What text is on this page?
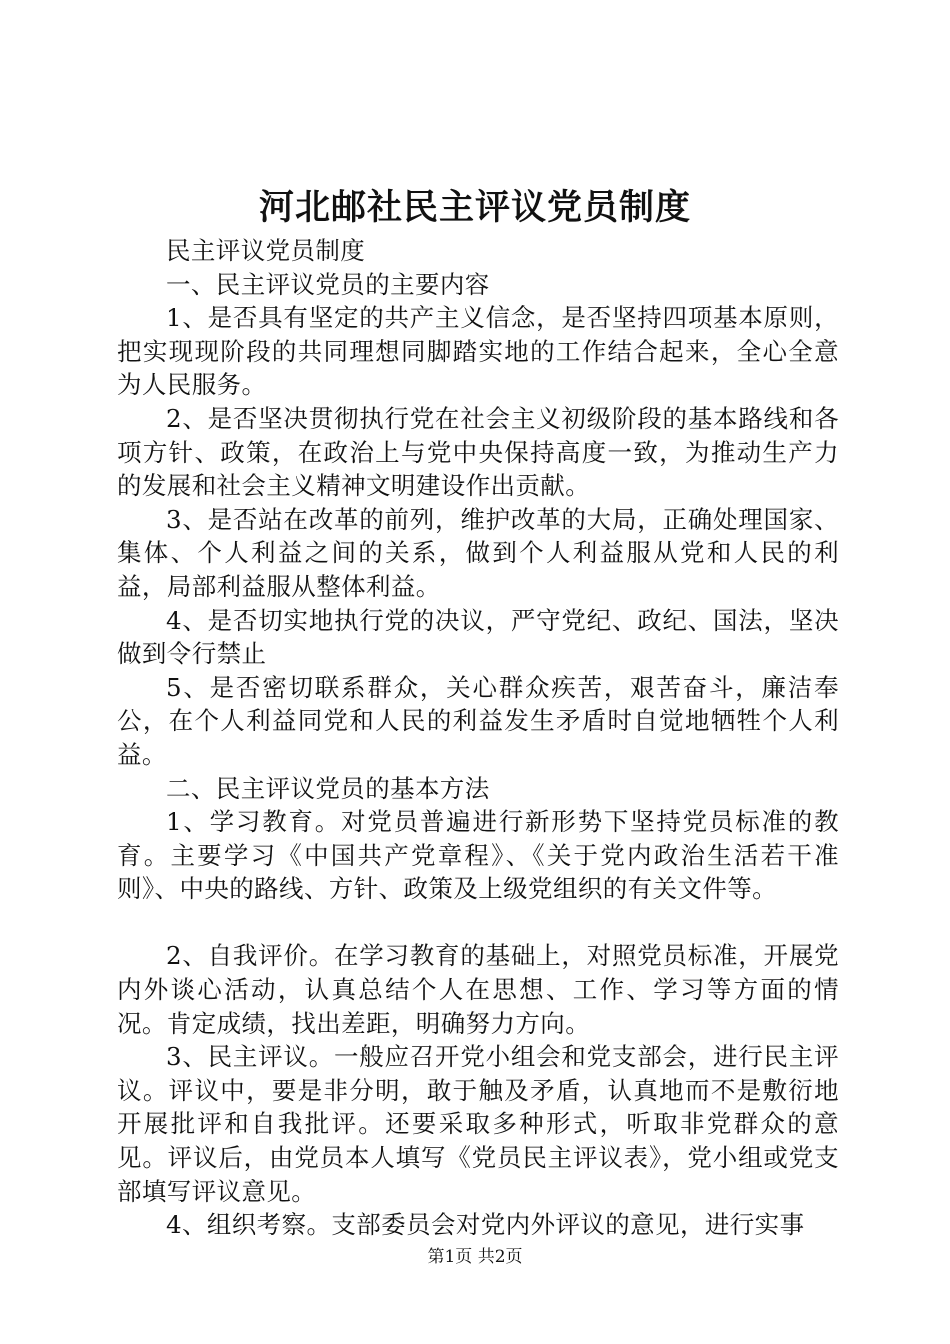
河北邮社民主评议党员制度

民主评议党员制度

一、民主评议党员的主要内容

1、是否具有坚定的共产主义信念，是否坚持四项基本原则，把实现现阶段的共同理想同脚踏实地的工作结合起来，全心全意为人民服务。

2、是否坚决贯彻执行党在社会主义初级阶段的基本路线和各项方针、政策，在政治上与党中央保持高度一致，为推动生产力的发展和社会主义精神文明建设作出贡献。

3、是否站在改革的前列，维护改革的大局，正确处理国家、集体、个人利益之间的关系，做到个人利益服从党和人民的利益，局部利益服从整体利益。

4、是否切实地执行党的决议，严守党纪、政纪、国法，坚决做到令行禁止

5、是否密切联系群众，关心群众疾苦，艰苦奋斗，廉洁奉公，在个人利益同党和人民的利益发生矛盾时自觉地牺牲个人利益。

二、民主评议党员的基本方法

1、学习教育。对党员普遍进行新形势下坚持党员标准的教育。主要学习《中国共产党章程》、《关于党内政治生活若干准则》、中央的路线、方针、政策及上级党组织的有关文件等。

2、自我评价。在学习教育的基础上，对照党员标准，开展党内外谈心活动，认真总结个人在思想、工作、学习等方面的情况。肯定成绩，找出差距，明确努力方向。

3、民主评议。一般应召开党小组会和党支部会，进行民主评议。评议中，要是非分明，敢于触及矛盾，认真地而不是敷衍地开展批评和自我批评。还要采取多种形式，听取非党群众的意见。评议后，由党员本人填写《党员民主评议表》，党小组或党支部填写评议意见。

4、组织考察。支部委员会对党内外评议的意见，进行实事

第1页 共2页
